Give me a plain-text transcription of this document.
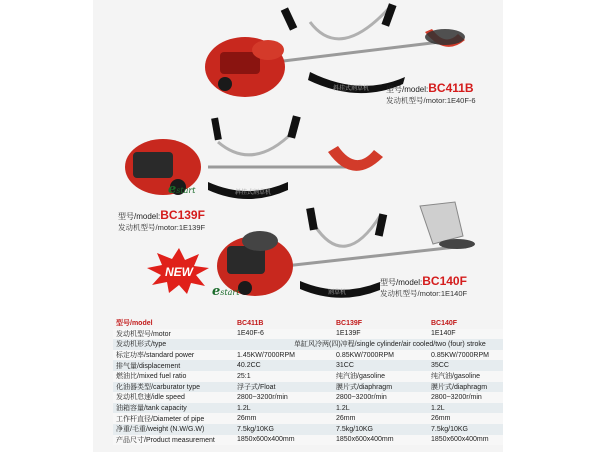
斜挂式割草机 型号/model:BC411B
发动机型号/motor:1E40F-6
斜挂式割草机
estart
型号/model:BC139F
发动机型号/motor:1E139F
割草机
NEW
estart
型号/model:BC140F
发动机型号/motor:1E140F
型号/model	BC411B	BC139F	BC140F
发动机型号/motor	1E40F-6	1E139F	1E140F
发动机形式/type	单缸风冷两(四)冲程/single cylinder/air cooled/two (four) stroke		
标定功率/standard power	1.45KW/7000RPM	0.85KW/7000RPM	0.85KW/7000RPM
排气量/displacement	40.2CC	31CC	35CC
燃油比/mixed fuel ratio	25:1	纯汽油/gasoline	纯汽油/gasoline
化油器类型/carburator type	浮子式/Float	膜片式/diaphragm	膜片式/diaphragm
发动机怠速/idle speed	2800~3200r/min	2800~3200r/min	2800~3200r/min
油箱容量/tank capacity	1.2L	1.2L	1.2L
工作杆直径/Diameter of pipe	26mm	26mm	26mm
净重/毛重/weight (N.W/G.W)	7.5kg/10KG	7.5kg/10KG	7.5kg/10KG
产品尺寸/Product measurement	1850x600x400mm	1850x600x400mm	1850x600x400mm
